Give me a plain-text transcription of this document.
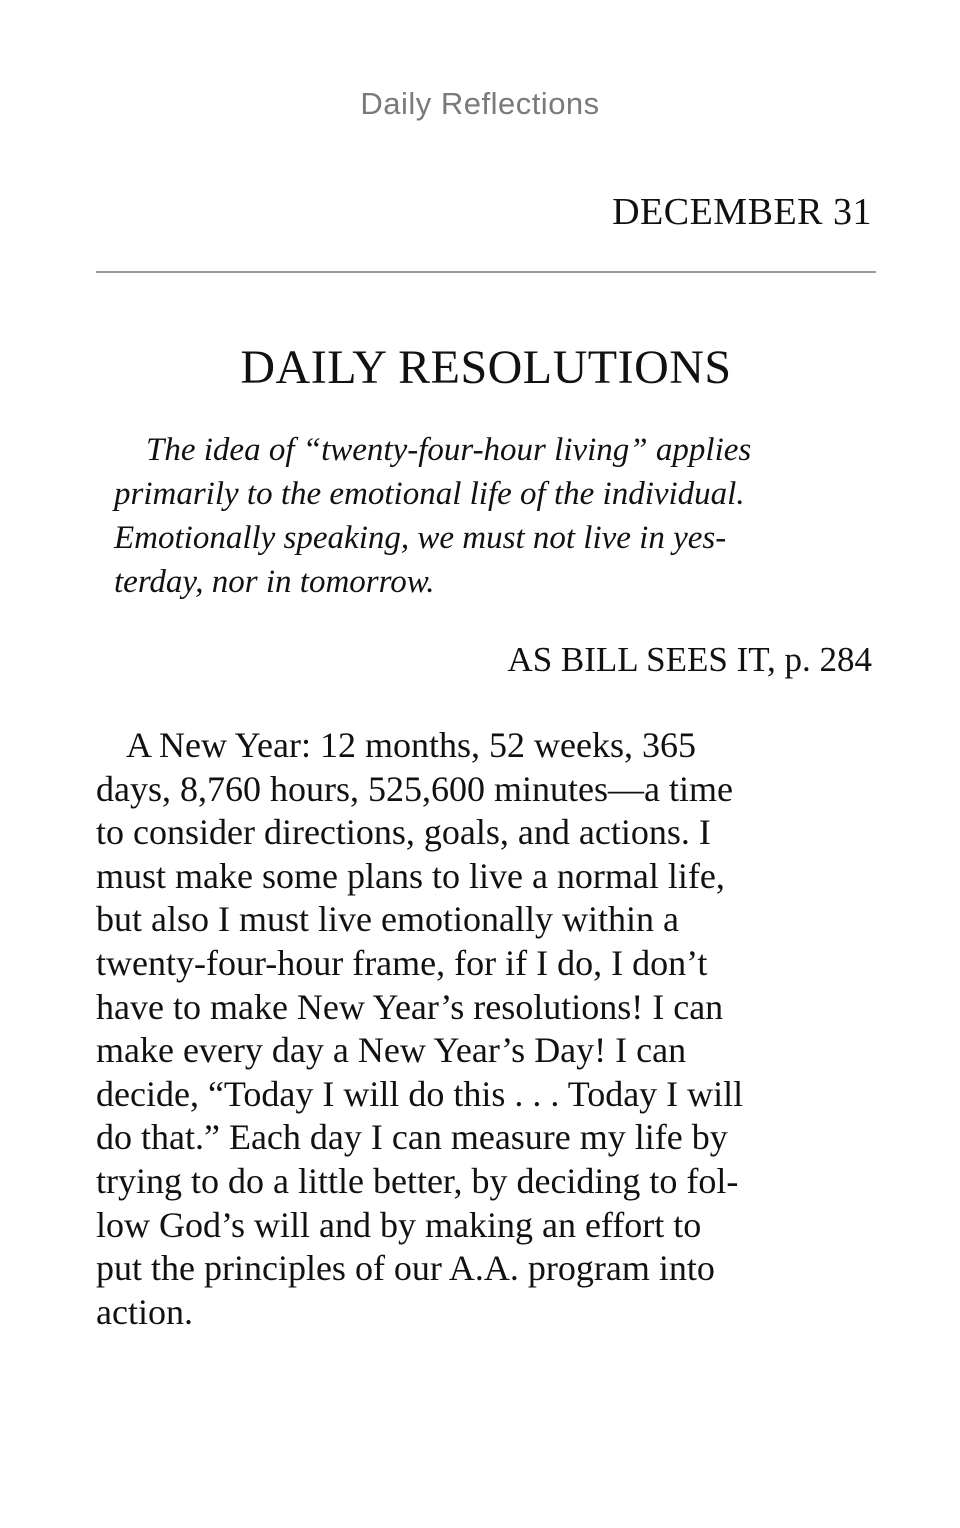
Daily Reflections
DECEMBER 31
DAILY RESOLUTIONS
The idea of “twenty-four-hour living” applies
primarily to the emotional life of the individual.
Emotionally speaking, we must not live in yes-
terday, nor in tomorrow.
AS BILL SEES IT, p. 284
A New Year: 12 months, 52 weeks, 365
days, 8,760 hours, 525,600 minutes—a time
to consider directions, goals, and actions. I
must make some plans to live a normal life,
but also I must live emotionally within a
twenty-four-hour frame, for if I do, I don’t
have to make New Year’s resolutions! I can
make every day a New Year’s Day! I can
decide, “Today I will do this . . . Today I will
do that.” Each day I can measure my life by
trying to do a little better, by deciding to fol-
low God’s will and by making an effort to
put the principles of our A.A. program into
action.
